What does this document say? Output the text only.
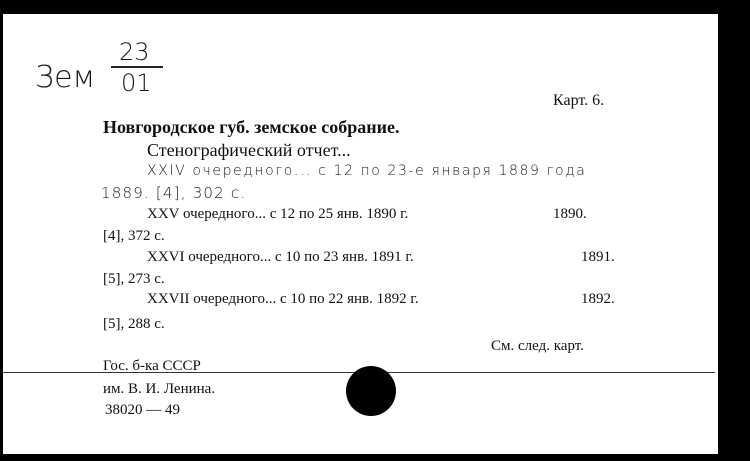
Зем
23
01
Карт. 6.
Новгородское губ. земское собрание.
Стенографический отчет...
XXIV очередного... с 12 по 23-е января 1889 года
1889. [4], 302 с.
XXV очередного... с 12 по 25 янв. 1890 г.	1890.
[4], 372 с.
XXVI очередного... с 10 по 23 янв. 1891 г.	1891.
[5], 273 с.
XXVII очередного... с 10 по 22 янв. 1892 г.	1892.
[5], 288 с.
См. след. карт.
Гос. б-ка СССР
им. В. И. Ленина.
38020 — 49
